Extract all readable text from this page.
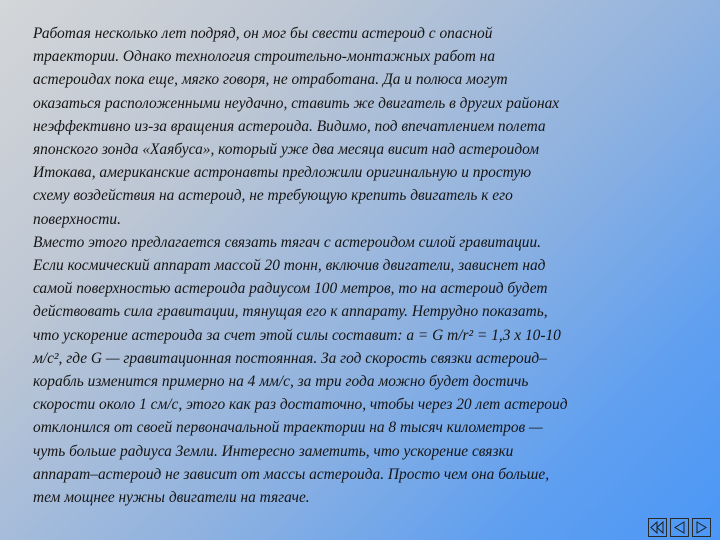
Работая несколько лет подряд, он мог бы свести астероид с опасной

траектории. Однако технология строительно-монтажных работ на

астероидах пока еще, мягко говоря, не отработана. Да и полюса могут

оказаться расположенными неудачно, ставить же двигатель в других районах

неэффективно из-за вращения астероида. Видимо, под впечатлением полета

японского зонда «Хаябуса», который уже два месяца висит над астероидом

Итокава, американские астронавты предложили оригинальную и простую

схему воздействия на астероид, не требующую крепить двигатель к его

поверхности.

Вместо этого предлагается связать тягач с астероидом силой гравитации.

Если космический аппарат массой 20 тонн, включив двигатели, зависнет над

самой поверхностью астероида радиусом 100 метров, то на астероид будет

действовать сила гравитации, тянущая его к аппарату. Нетрудно показать,

что ускорение астероида за счет этой силы составит: a = G m/r² = 1,3 x 10-10

м/с², где G — гравитационная постоянная. За год скорость связки астероид–

корабль изменится примерно на 4 мм/с, за три года можно будет достичь

скорости около 1 см/с, этого как раз достаточно, чтобы через 20 лет астероид

отклонился от своей первоначальной траектории на 8 тысяч километров —

чуть больше радиуса Земли. Интересно заметить, что ускорение связки

аппарат–астероид не зависит от массы астероида. Просто чем она больше,

тем мощнее нужны двигатели на тягаче.
